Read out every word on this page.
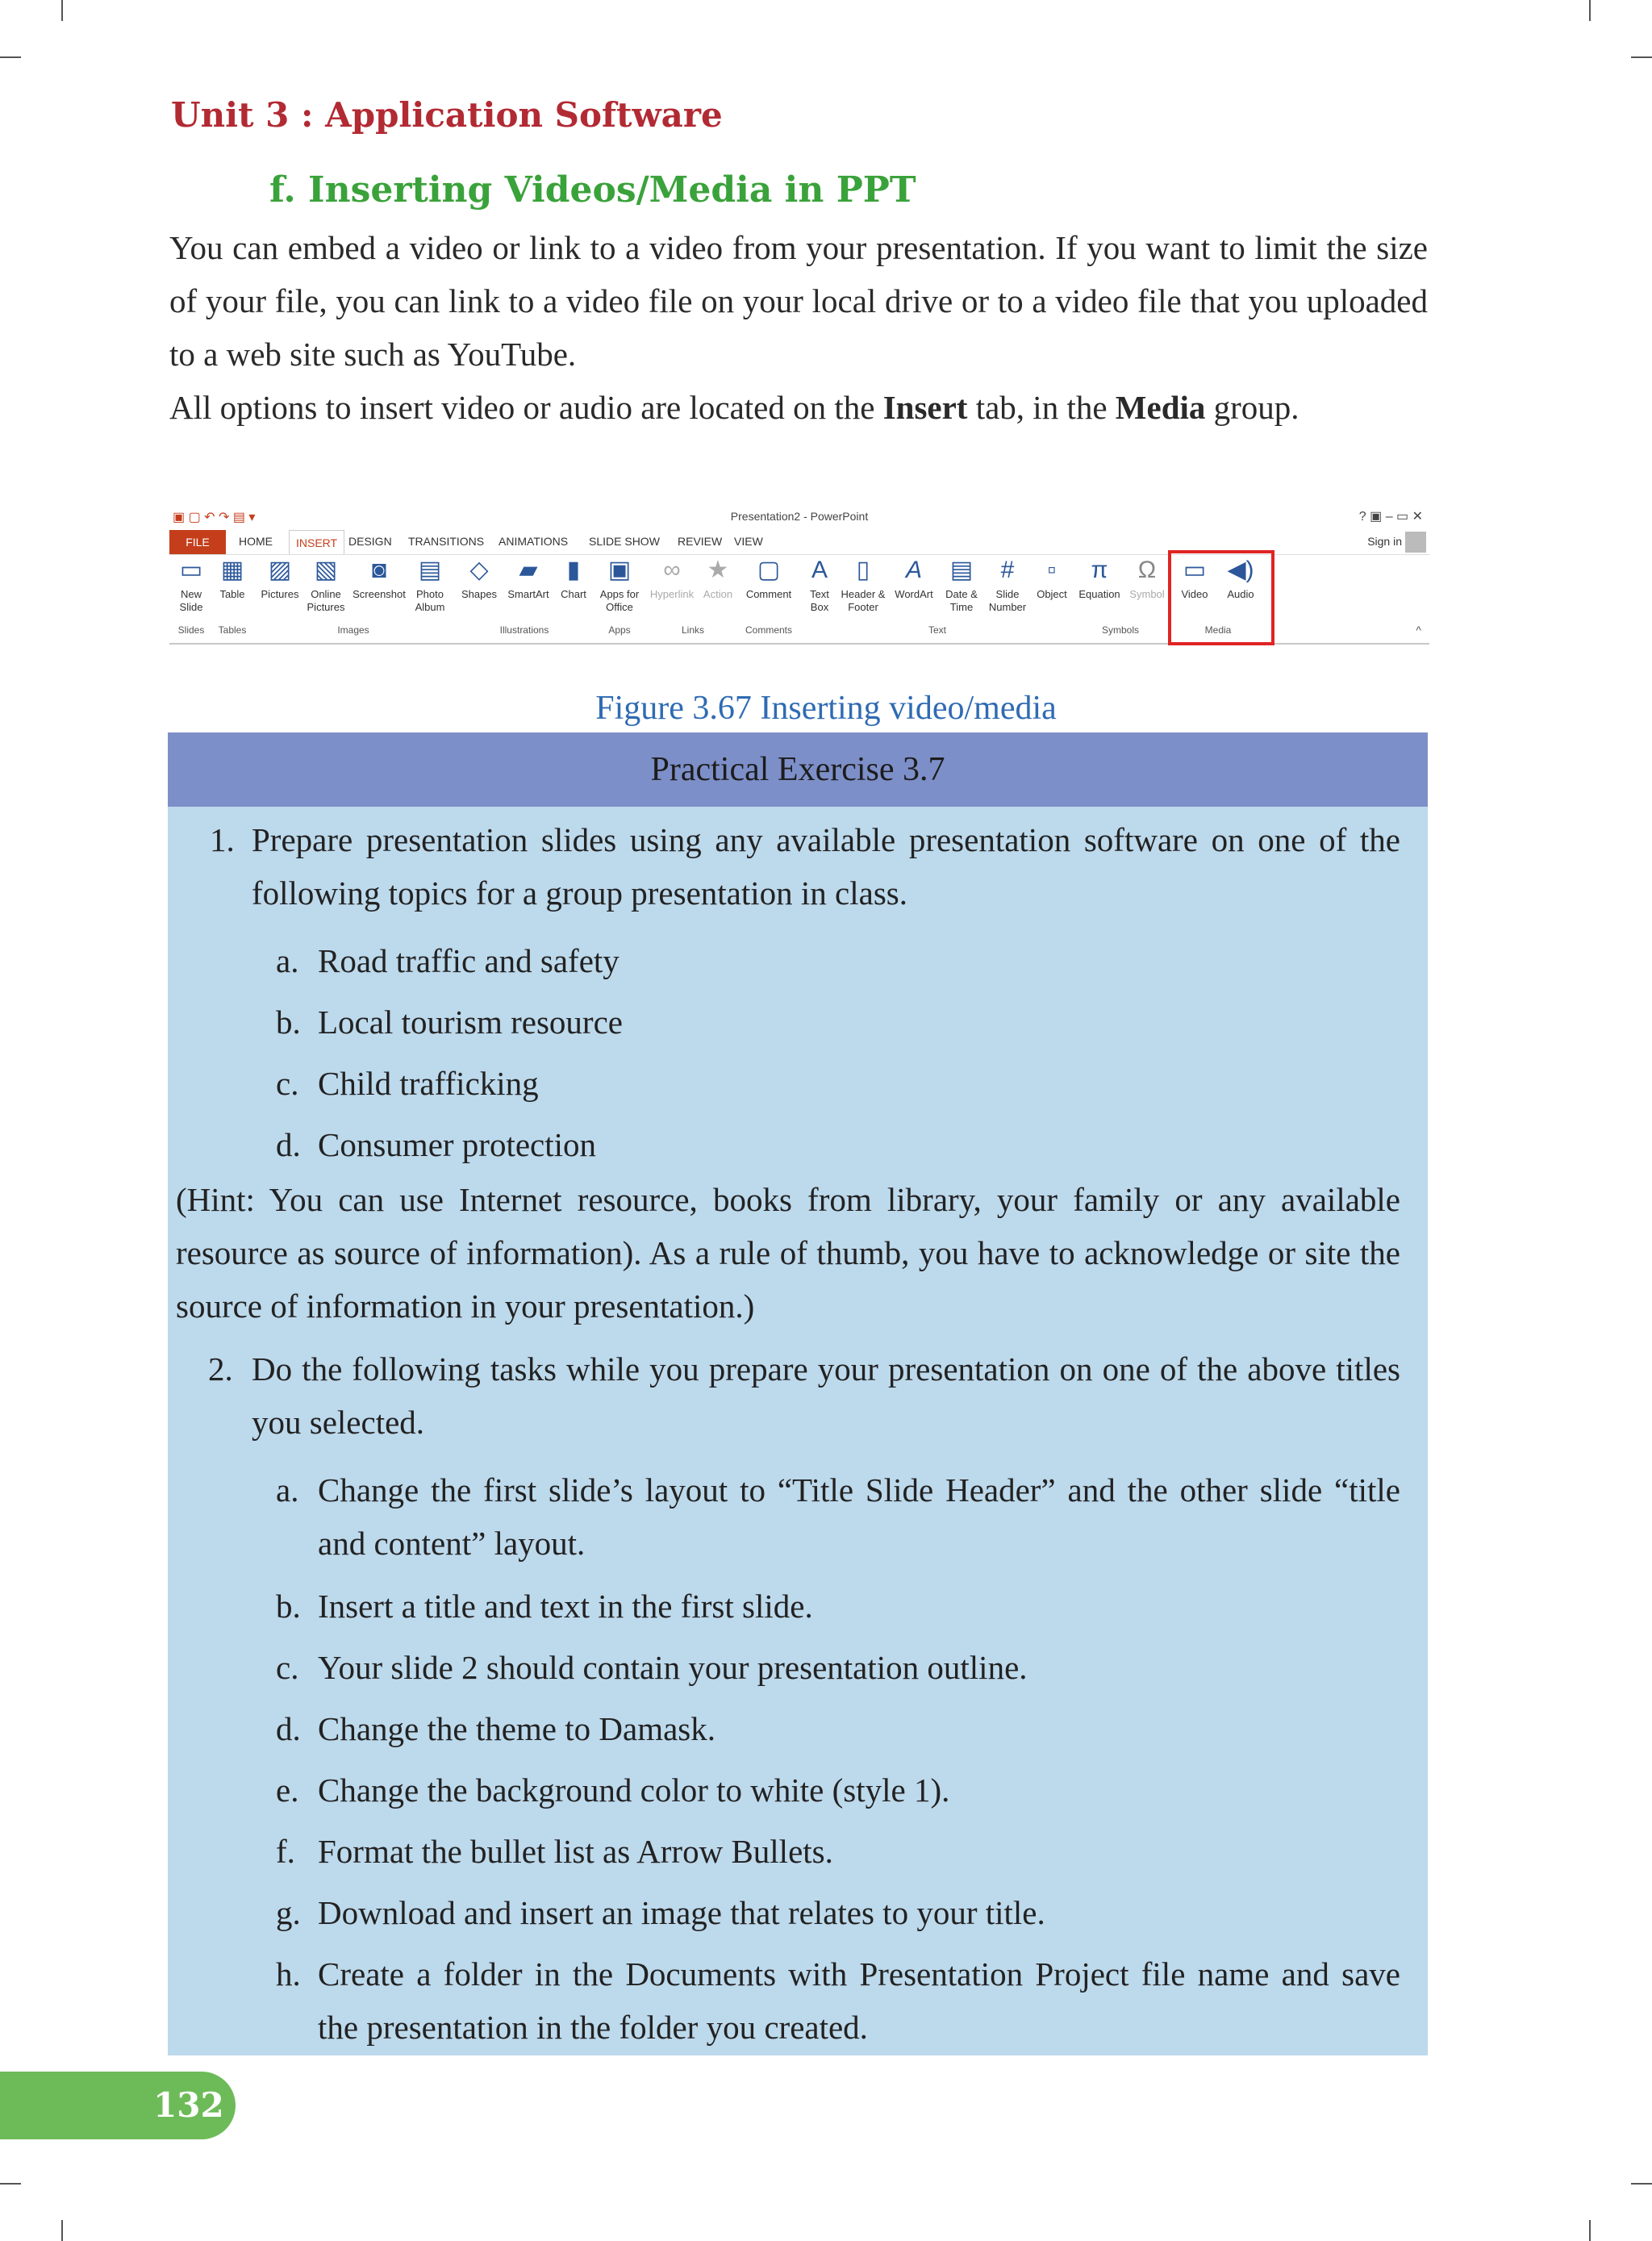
Unit 3 : Application Software
f. Inserting Videos/Media in PPT
You can embed a video or link to a video from your presentation. If you want to limit the size of your file, you can link to a video file on your local drive or to a video file that you uploaded to a web site such as YouTube.
All options to insert video or audio are located on the Insert tab, in the Media group.
▣ ▢ ↶ ↷ ▤ ▾	Presentation2 - PowerPoint	? ▣ – ▭ ✕
FILE	HOME	INSERT DESIGN TRANSITIONS ANIMATIONS SLIDE SHOW REVIEW VIEW	Sign in
▭
New Slide
▦
Table
▨
Pictures
▧
Online Pictures
◙
Screenshot
▤
Photo Album
◇
Shapes
▰
SmartArt
▮
Chart
▣
Apps for Office
∞
Hyperlink
★
Action
▢
Comment
A
Text Box
▯
Header & Footer
A
WordArt
▤
Date & Time
#
Slide Number
▫
Object
π
Equation
Ω
Symbol
▭
Video
◀)
Audio
Slides	Tables	Images	Illustrations	Apps	Links	Comments	Text	Symbols	Media	^
Figure 3.67 Inserting video/media
Practical Exercise 3.7
1. Prepare presentation slides using any available presentation software on one of the following topics for a group presentation in class.
a. Road traffic and safety
b. Local tourism resource
c. Child trafficking
d. Consumer protection
(Hint: You can use Internet resource, books from library, your family or any available resource as source of information). As a rule of thumb, you have to acknowledge or site the source of information in your presentation.)
2. Do the following tasks while you prepare your presentation on one of the above titles you selected.
a. Change the first slide’s layout to “Title Slide Header” and the other slide “title and content” layout.
b. Insert a title and text in the first slide.
c. Your slide 2 should contain your presentation outline.
d. Change the theme to Damask.
e. Change the background color to white (style 1).
f. Format the bullet list as Arrow Bullets.
g. Download and insert an image that relates to your title.
h. Create a folder in the Documents with Presentation Project file name and save the presentation in the folder you created.
132
